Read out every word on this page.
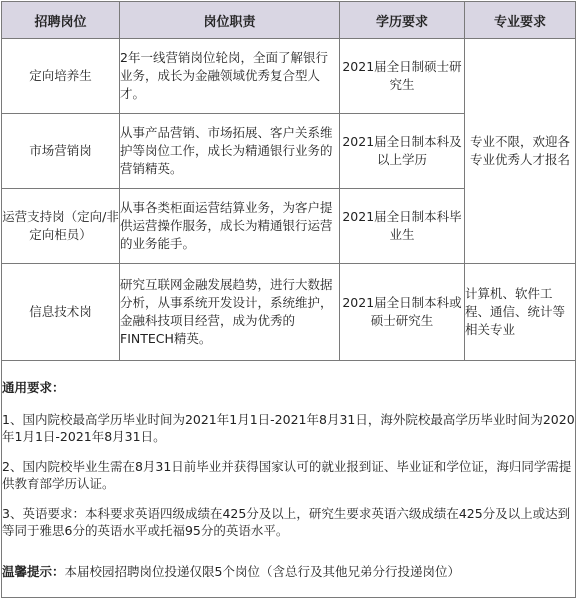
招聘岗位	岗位职责	学历要求	专业要求
定向培养生	2年一线营销岗位轮岗，全面了解银行业务，成长为金融领域优秀复合型人才。	2021届全日制硕士研究生	专业不限，欢迎各专业优秀人才报名
市场营销岗	从事产品营销、市场拓展、客户关系维护等岗位工作，成长为精通银行业务的营销精英。	2021届全日制本科及以上学历	
运营支持岗（定向/非定向柜员）	从事各类柜面运营结算业务，为客户提供运营操作服务，成长为精通银行运营的业务能手。	2021届全日制本科毕业生	
信息技术岗	研究互联网金融发展趋势，进行大数据分析，从事系统开发设计，系统维护，金融科技项目经营，成为优秀的FINTECH精英。	2021届全日制本科或硕士研究生	计算机、软件工程、通信、统计等相关专业

通用要求：
1、国内院校最高学历毕业时间为2021年1月1日-2021年8月31日，海外院校最高学历毕业时间为2020年1月1日-2021年8月31日。
2、国内院校毕业生需在8月31日前毕业并获得国家认可的就业报到证、毕业证和学位证，海归同学需提供教育部学历认证。
3、英语要求：本科要求英语四级成绩在425分及以上，研究生要求英语六级成绩在425分及以上或达到等同于雅思6分的英语水平或托福95分的英语水平。
温馨提示：本届校园招聘岗位投递仅限5个岗位（含总行及其他兄弟分行投递岗位）			
